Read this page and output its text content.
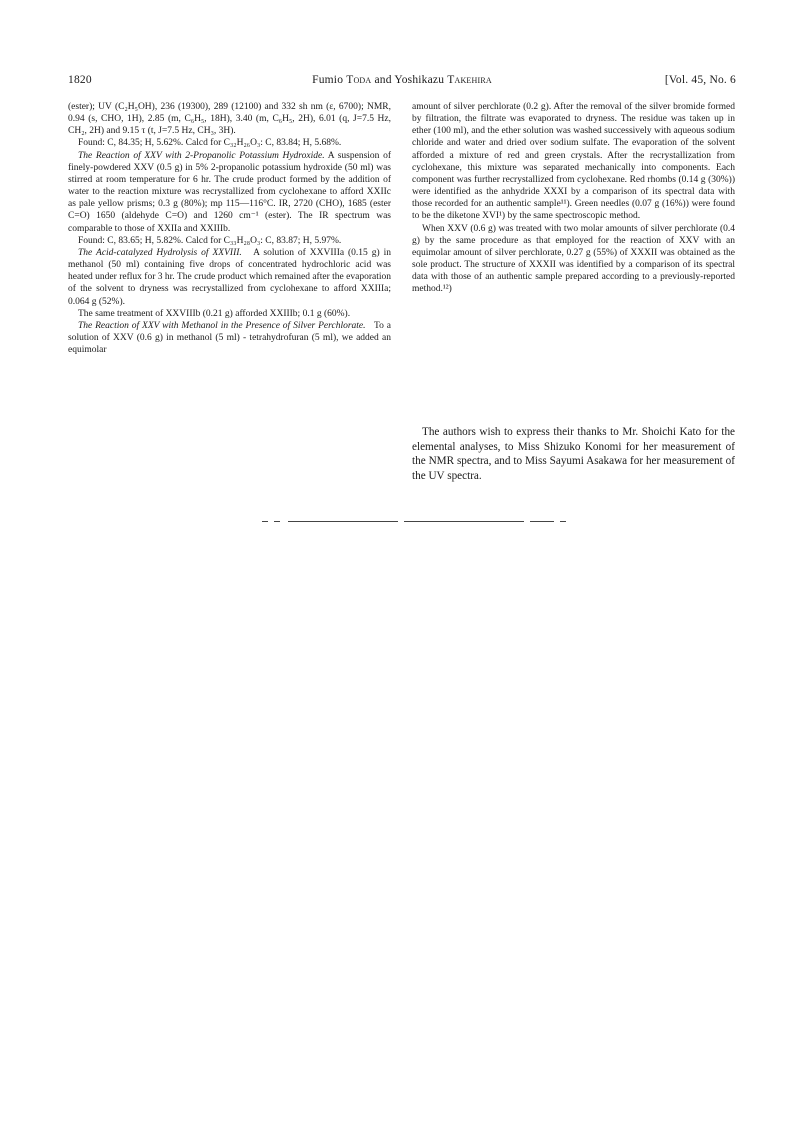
1820	Fumio Toda and Yoshikazu Takehira	[Vol. 45, No. 6

(ester); UV (C₂H₅OH), 236 (19300), 289 (12100) and 332 sh nm (ε, 6700); NMR, 0.94 (s, CHO, 1H), 2.85 (m, C₆H₅, 18H), 3.40 (m, C₆H₅, 2H), 6.01 (q, J=7.5 Hz, CH₂, 2H) and 9.15 τ (t, J=7.5 Hz, CH₃, 3H).

Found: C, 84.35; H, 5.62%. Calcd for C₃₂H₂₆O₃: C, 83.84; H, 5.68%.

The Reaction of XXV with 2-Propanolic Potassium Hydroxide. A suspension of finely-powdered XXV (0.5 g) in 5% 2-propanolic potassium hydroxide (50 ml) was stirred at room temperature for 6 hr. The crude product formed by the addition of water to the reaction mixture was recrystallized from cyclohexane to afford XXIIc as pale yellow prisms; 0.3 g (80%); mp 115—116°C. IR, 2720 (CHO), 1685 (ester C=O) 1650 (aldehyde C=O) and 1260 cm⁻¹ (ester). The IR spectrum was comparable to those of XXIIa and XXIIIb.

Found: C, 83.65; H, 5.82%. Calcd for C₃₃H₂₈O₃: C, 83.87; H, 5.97%.

The Acid-catalyzed Hydrolysis of XXVIII. A solution of XXVIIIa (0.15 g) in methanol (50 ml) containing five drops of concentrated hydrochloric acid was heated under reflux for 3 hr. The crude product which remained after the evaporation of the solvent to dryness was recrystallized from cyclohexane to afford XXIIIa; 0.064 g (52%).

The same treatment of XXVIIIb (0.21 g) afforded XXIIIb; 0.1 g (60%).

The Reaction of XXV with Methanol in the Presence of Silver Perchlorate. To a solution of XXV (0.6 g) in methanol (5 ml) - tetrahydrofuran (5 ml), we added an equimolar

amount of silver perchlorate (0.2 g). After the removal of the silver bromide formed by filtration, the filtrate was evaporated to dryness. The residue was taken up in ether (100 ml), and the ether solution was washed successively with aqueous sodium chloride and water and dried over sodium sulfate. The evaporation of the solvent afforded a mixture of red and green crystals. After the recrystallization from cyclohexane, this mixture was separated mechanically into components. Each component was further recrystallized from cyclohexane. Red rhombs (0.14 g (30%)) were identified as the anhydride XXXI by a comparison of its spectral data with those recorded for an authentic sample¹¹). Green needles (0.07 g (16%)) were found to be the diketone XVI¹) by the same spectroscopic method.

When XXV (0.6 g) was treated with two molar amounts of silver perchlorate (0.4 g) by the same procedure as that employed for the reaction of XXV with an equimolar amount of silver perchlorate, 0.27 g (55%) of XXXII was obtained as the sole product. The structure of XXXII was identified by a comparison of its spectral data with those of an authentic sample prepared according to a previously-reported method.¹²)

The authors wish to express their thanks to Mr. Shoichi Kato for the elemental analyses, to Miss Shizuko Konomi for her measurement of the NMR spectra, and to Miss Sayumi Asakawa for her measurement of the UV spectra.
